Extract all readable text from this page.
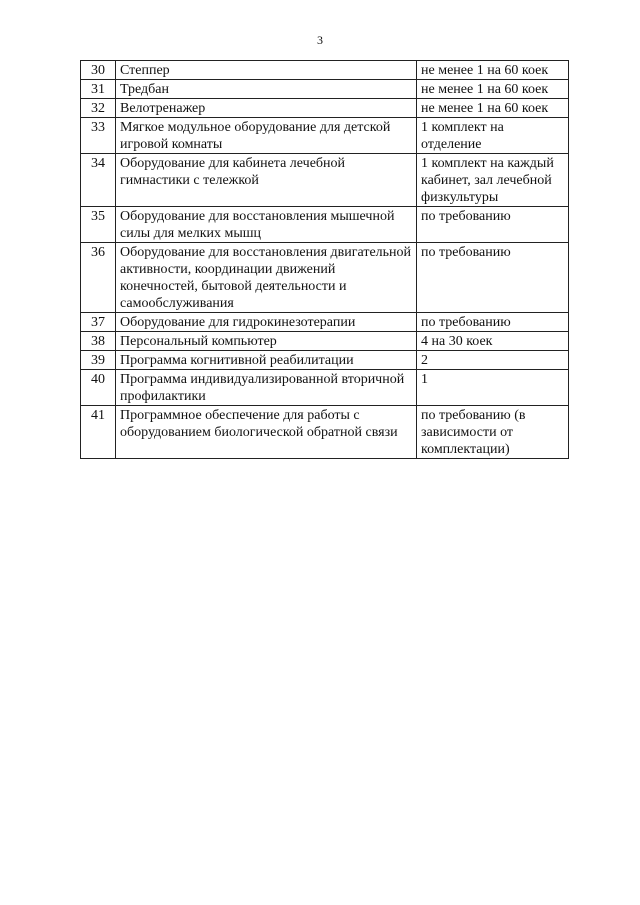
3
30	Степпер	не менее 1 на 60 коек
31	Тредбан	не менее 1 на 60 коек
32	Велотренажер	не менее 1 на 60 коек
33	Мягкое модульное оборудование для детской игровой комнаты	1 комплект на отделение
34	Оборудование для кабинета лечебной гимнастики с тележкой	1 комплект на каждый кабинет, зал лечебной физкультуры
35	Оборудование для восстановления мышечной силы для мелких мышц	по требованию
36	Оборудование для восстановления двигательной активности, координации движений конечностей, бытовой деятельности и самообслуживания	по требованию
37	Оборудование для гидрокинезотерапии	по требованию
38	Персональный компьютер	4 на 30 коек
39	Программа когнитивной реабилитации	2
40	Программа индивидуализированной вторичной профилактики	1
41	Программное обеспечение для работы с оборудованием биологической обратной связи	по требованию (в зависимости от комплектации)
